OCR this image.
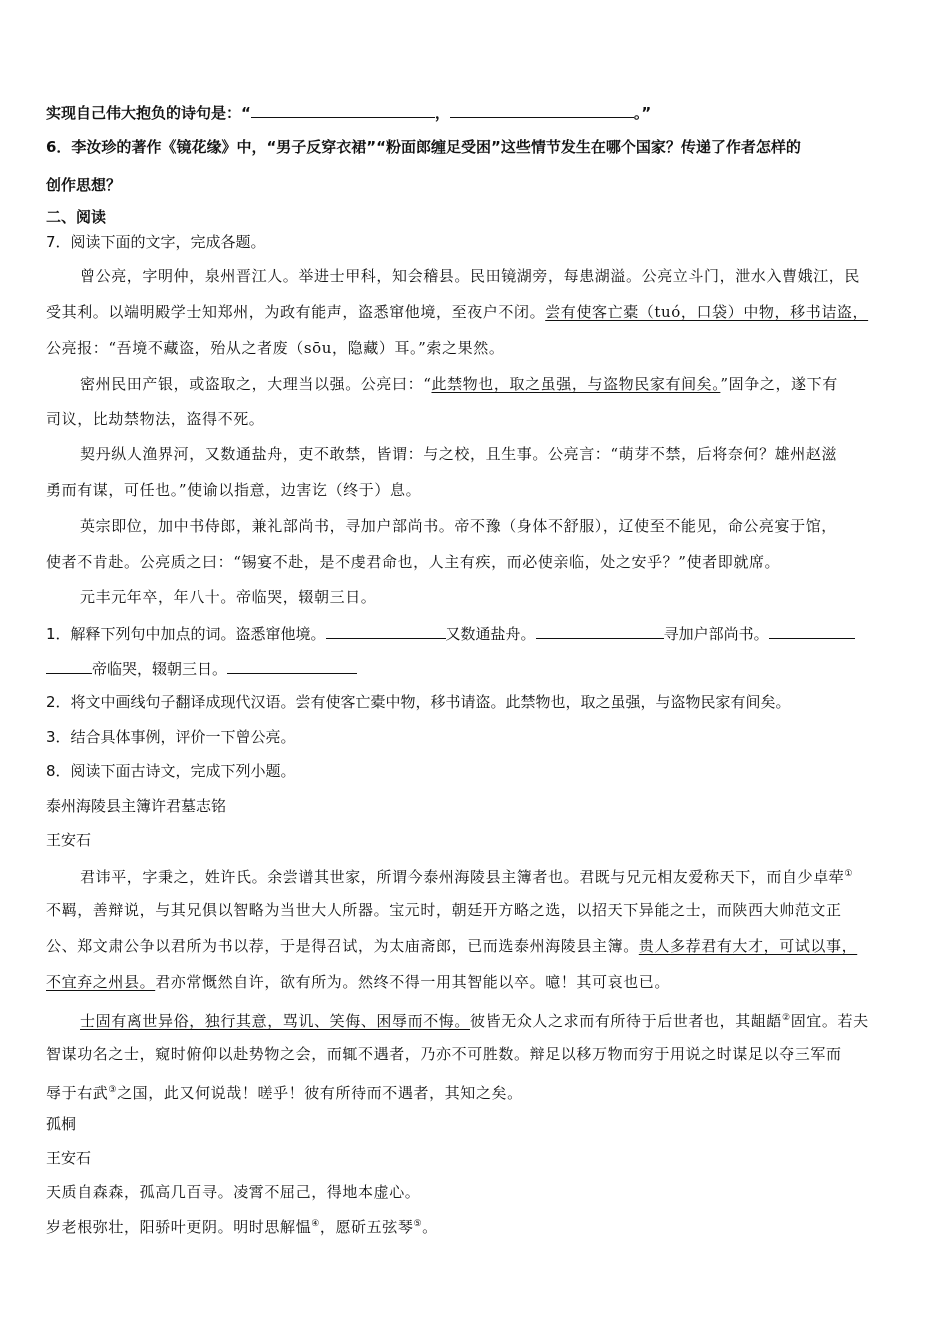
实现自己伟大抱负的诗句是：“	，	。”
6．李汝珍的著作《镜花缘》中，“男子反穿衣裙”“粉面郎缠足受困”这些情节发生在哪个国家？传递了作者怎样的
创作思想？
二、阅读
7．阅读下面的文字，完成各题。
曾公亮，字明仲，泉州晋江人。举进士甲科，知会稽县。民田镜湖旁，每患湖溢。公亮立斗门，泄水入曹娥江，民
受其利。以端明殿学士知郑州，为政有能声，盗悉窜他境，至夜户不闭。尝有使客亡橐（tuó，口袋）中物，移书诘盗，
公亮报：“吾境不藏盗，殆从之者废（sōu，隐藏）耳。”索之果然。
密州民田产银，或盗取之，大理当以强。公亮曰：“此禁物也，取之虽强，与盗物民家有间矣。”固争之，遂下有
司议，比劫禁物法，盗得不死。
契丹纵人渔界河，又数通盐舟，吏不敢禁，皆谓：与之校，且生事。公亮言：“萌芽不禁，后将奈何？雄州赵滋
勇而有谋，可任也。”使谕以指意，边害讫（终于）息。
英宗即位，加中书侍郎，兼礼部尚书，寻加户部尚书。帝不豫（身体不舒服），辽使至不能见，命公亮宴于馆，
使者不肯赴。公亮质之曰：“锡宴不赴，是不虔君命也，人主有疾，而必使亲临，处之安乎？”使者即就席。
元丰元年卒，年八十。帝临哭，辍朝三日。
1．解释下列句中加点的词。盗悉窜他境。	又数通盐舟。	寻加户部尚书。
帝临哭，辍朝三日。
2．将文中画线句子翻译成现代汉语。尝有使客亡橐中物，移书请盗。此禁物也，取之虽强，与盗物民家有间矣。
3．结合具体事例，评价一下曾公亮。
8．阅读下面古诗文，完成下列小题。
泰州海陵县主簿许君墓志铭
王安石
君讳平，字秉之，姓许氏。余尝谱其世家，所谓今泰州海陵县主簿者也。君既与兄元相友爱称天下，而自少卓荦①
不羁，善辩说，与其兄俱以智略为当世大人所器。宝元时，朝廷开方略之选，以招天下异能之士，而陕西大帅范文正
公、郑文肃公争以君所为书以荐，于是得召试，为太庙斋郎，已而选泰州海陵县主簿。贵人多荐君有大才，可试以事，
不宜弃之州县。君亦常慨然自许，欲有所为。然终不得一用其智能以卒。噫！其可哀也已。
士固有离世异俗，独行其意，骂讥、笑侮、困辱而不悔。彼皆无众人之求而有所待于后世者也，其龃龉②固宜。若夫
智谋功名之士，窥时俯仰以赴势物之会，而辄不遇者，乃亦不可胜数。辩足以移万物而穷于用说之时谋足以夺三军而
辱于右武③之国，此又何说哉！嗟乎！彼有所待而不遇者，其知之矣。
孤桐
王安石
天质自森森，孤高几百寻。凌霄不屈己，得地本虚心。
岁老根弥壮，阳骄叶更阴。明时思解愠④，愿斫五弦琴⑤。
